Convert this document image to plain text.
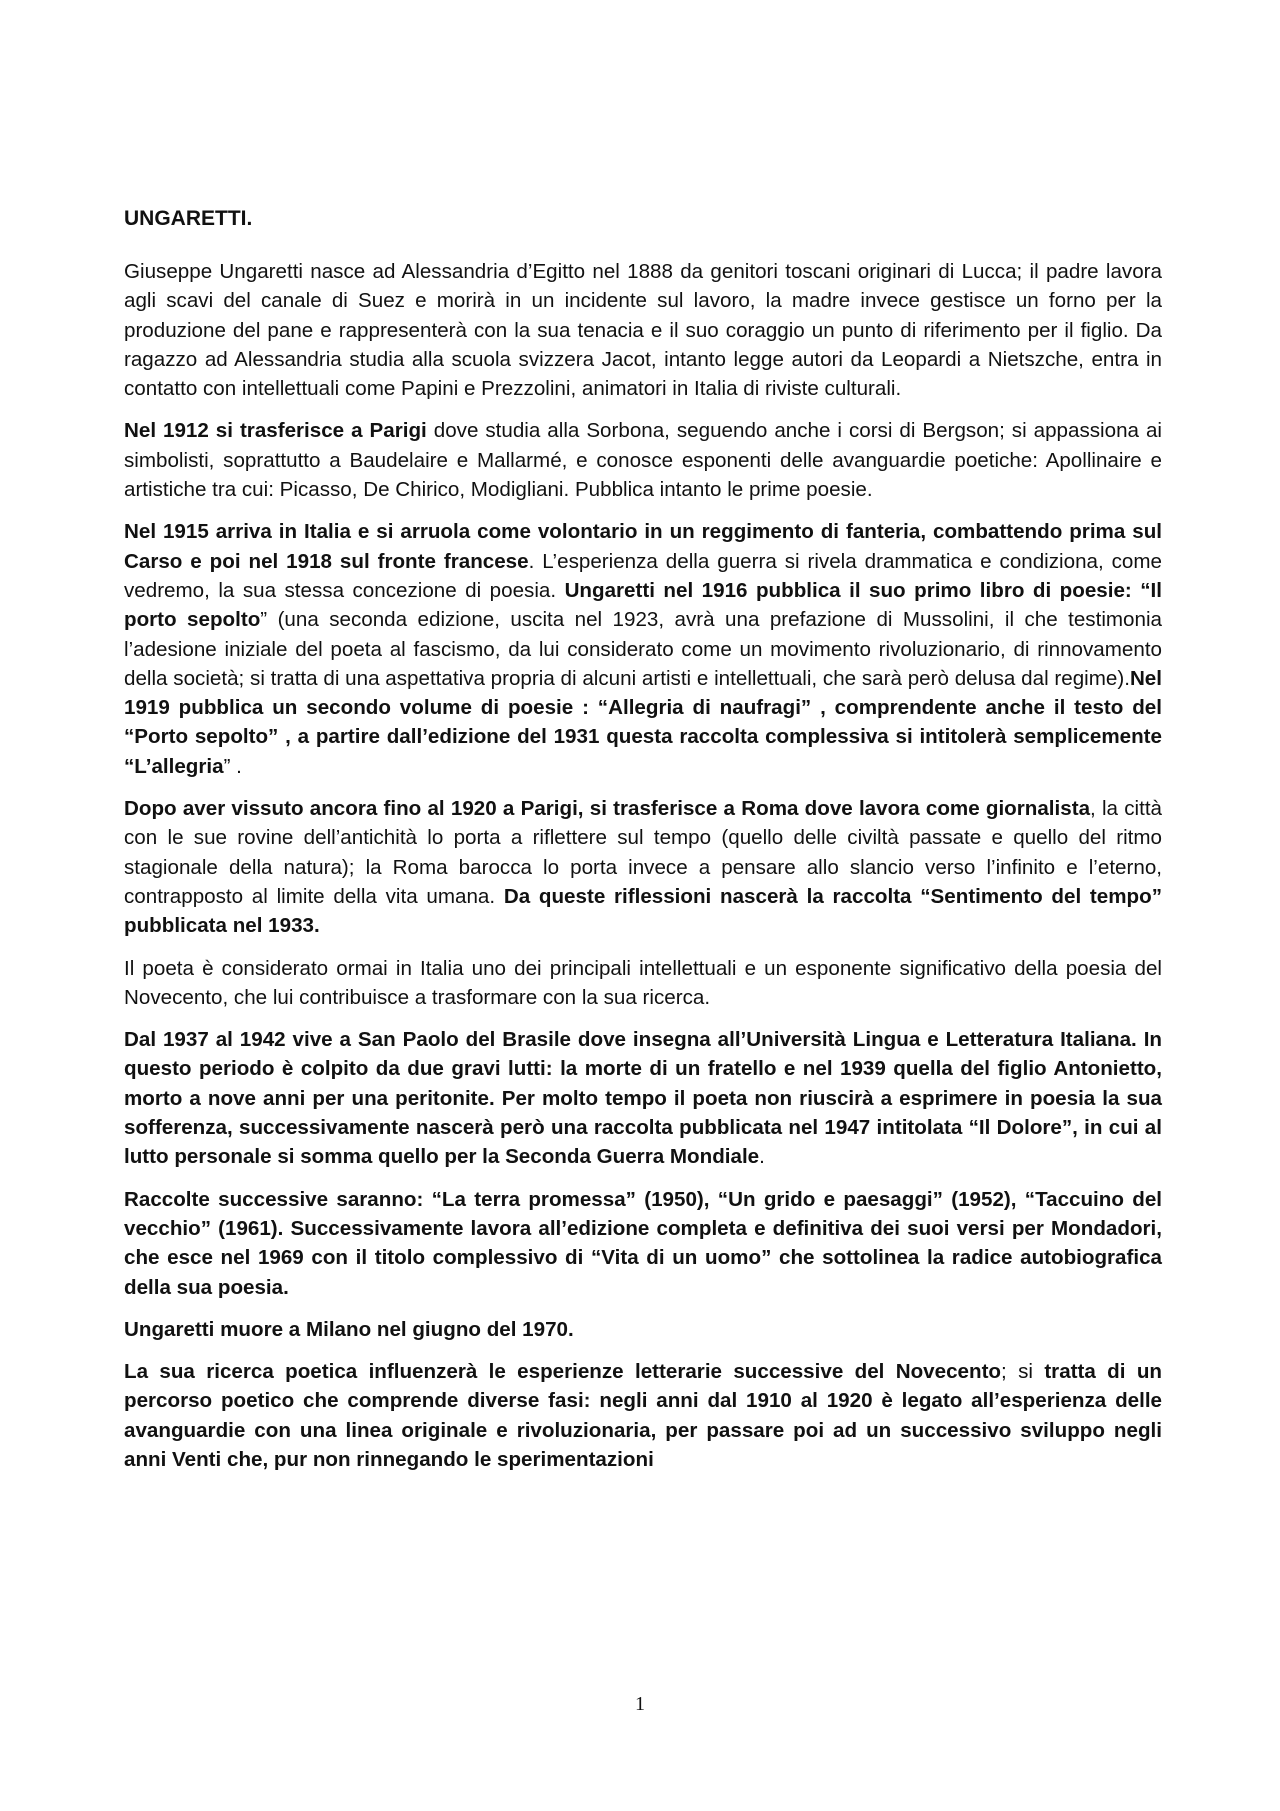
UNGARETTI.

Giuseppe Ungaretti nasce ad Alessandria d’Egitto nel 1888 da genitori toscani originari di Lucca; il padre lavora agli scavi del canale di Suez e morirà in un incidente sul lavoro, la madre invece gestisce un forno per la produzione del pane e rappresenterà con la sua tenacia e il suo coraggio un punto di riferimento per il figlio. Da ragazzo ad Alessandria studia alla scuola svizzera Jacot, intanto legge autori da Leopardi a Nietszche, entra in contatto con intellettuali come Papini e Prezzolini, animatori in Italia di riviste culturali.

Nel 1912 si trasferisce a Parigi dove studia alla Sorbona, seguendo anche i corsi di Bergson; si appassiona ai simbolisti, soprattutto a Baudelaire e Mallarmé, e conosce esponenti delle avanguardie poetiche: Apollinaire e artistiche tra cui: Picasso, De Chirico, Modigliani. Pubblica intanto le prime poesie.

Nel 1915 arriva in Italia e si arruola come volontario in un reggimento di fanteria, combattendo prima sul Carso e poi nel 1918 sul fronte francese. L’esperienza della guerra si rivela drammatica e condiziona, come vedremo, la sua stessa concezione di poesia. Ungaretti nel 1916 pubblica il suo primo libro di poesie: “Il porto sepolto” (una seconda edizione, uscita nel 1923, avrà una prefazione di Mussolini, il che testimonia l’adesione iniziale del poeta al fascismo, da lui considerato come un movimento rivoluzionario, di rinnovamento della società; si tratta di una aspettativa propria di alcuni artisti e intellettuali, che sarà però delusa dal regime).Nel 1919 pubblica un secondo volume di poesie : “Allegria di naufragi” , comprendente anche il testo del “Porto sepolto” , a partire dall’edizione del 1931 questa raccolta complessiva si intitolerà semplicemente “L’allegria” .

Dopo aver vissuto ancora fino al 1920 a Parigi, si trasferisce a Roma dove lavora come giornalista, la città con le sue rovine dell’antichità lo porta a riflettere sul tempo (quello delle civiltà passate e quello del ritmo stagionale della natura); la Roma barocca lo porta invece a pensare allo slancio verso l’infinito e l’eterno, contrapposto al limite della vita umana. Da queste riflessioni nascerà la raccolta “Sentimento del tempo” pubblicata nel 1933.

Il poeta è considerato ormai in Italia uno dei principali intellettuali e un esponente significativo della poesia del Novecento, che lui contribuisce a trasformare con la sua ricerca.

Dal 1937 al 1942 vive a San Paolo del Brasile dove insegna all’Università Lingua e Letteratura Italiana. In questo periodo è colpito da due gravi lutti: la morte di un fratello e nel 1939 quella del figlio Antonietto, morto a nove anni per una peritonite. Per molto tempo il poeta non riuscirà a esprimere in poesia la sua sofferenza, successivamente nascerà però una raccolta pubblicata nel 1947 intitolata “Il Dolore”, in cui al lutto personale si somma quello per la Seconda Guerra Mondiale.

Raccolte successive saranno: “La terra promessa” (1950), “Un grido e paesaggi” (1952), “Taccuino del vecchio” (1961). Successivamente lavora all’edizione completa e definitiva dei suoi versi per Mondadori, che esce nel 1969 con il titolo complessivo di “Vita di un uomo” che sottolinea la radice autobiografica della sua poesia.

Ungaretti muore a Milano nel giugno del 1970.

La sua ricerca poetica influenzerà le esperienze letterarie successive del Novecento; si tratta di un percorso poetico che comprende diverse fasi: negli anni dal 1910 al 1920 è legato all’esperienza delle avanguardie con una linea originale e rivoluzionaria, per passare poi ad un successivo sviluppo negli anni Venti che, pur non rinnegando le sperimentazioni

1
